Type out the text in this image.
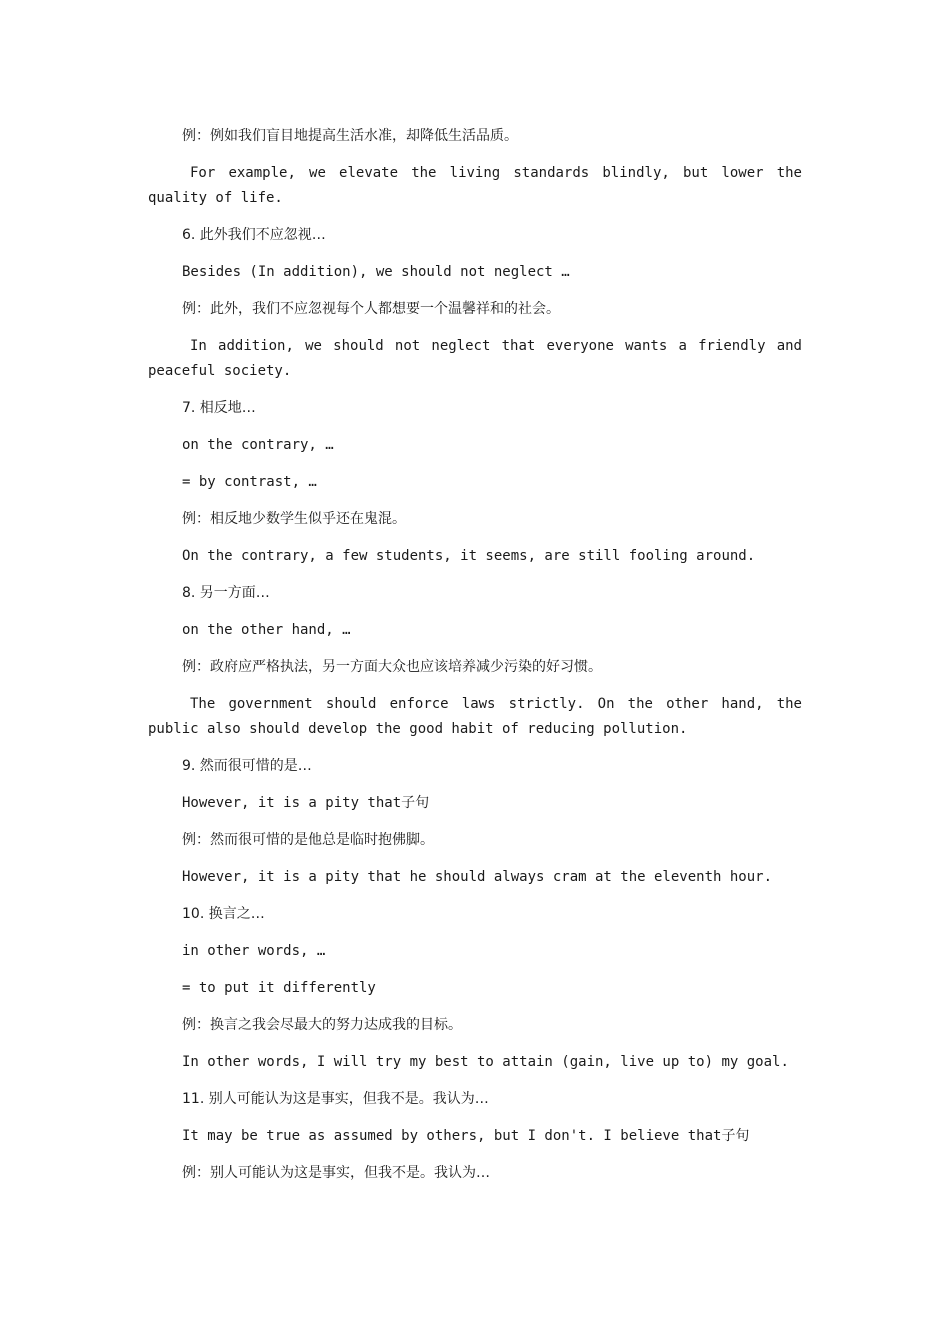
例：例如我们盲目地提高生活水准，却降低生活品质。

For example, we elevate the living standards blindly, but lower the quality of life.

6. 此外我们不应忽视…

Besides (In addition), we should not neglect …

例：此外，我们不应忽视每个人都想要一个温馨祥和的社会。

In addition, we should not neglect that everyone wants a friendly and peaceful society.

7. 相反地…

on the contrary, …

= by contrast, …

例：相反地少数学生似乎还在鬼混。

On the contrary, a few students, it seems, are still fooling around.

8. 另一方面…

on the other hand, …

例：政府应严格执法，另一方面大众也应该培养减少污染的好习惯。

The government should enforce laws strictly. On the other hand, the public also should develop the good habit of reducing pollution.

9. 然而很可惜的是…

However, it is a pity that子句

例：然而很可惜的是他总是临时抱佛脚。

However, it is a pity that he should always cram at the eleventh hour.

10. 换言之…

in other words, …

= to put it differently

例：换言之我会尽最大的努力达成我的目标。

In other words, I will try my best to attain (gain, live up to) my goal.

11. 别人可能认为这是事实，但我不是。我认为…

It may be true as assumed by others, but I don't. I believe that子句

例：别人可能认为这是事实，但我不是。我认为…
